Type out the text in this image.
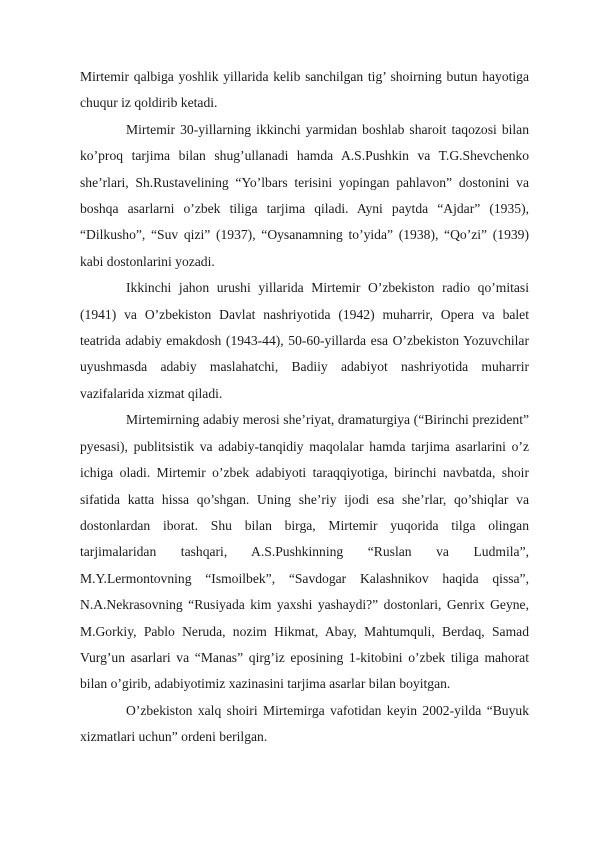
Mirtemir qalbiga yoshlik yillarida kelib sanchilgan tig’ shoirning butun hayotiga chuqur iz qoldirib ketadi.

Mirtemir 30-yillarning ikkinchi yarmidan boshlab sharoit taqozosi bilan ko’proq tarjima bilan shug’ullanadi hamda A.S.Pushkin va T.G.Shevchenko she’rlari, Sh.Rustavelining “Yo’lbars terisini yopingan pahlavon” dostonini va boshqa asarlarni o’zbek tiliga tarjima qiladi. Ayni paytda “Ajdar” (1935), “Dilkusho”, “Suv qizi” (1937), “Oysanamning to’yida” (1938), “Qo’zi” (1939) kabi dostonlarini yozadi.

Ikkinchi jahon urushi yillarida Mirtemir O’zbekiston radio qo’mitasi (1941) va O’zbekiston Davlat nashriyotida (1942) muharrir, Opera va balet teatrida adabiy emakdosh (1943-44), 50-60-yillarda esa O’zbekiston Yozuvchilar uyushmasda adabiy maslahatchi, Badiiy adabiyot nashriyotida muharrir vazifalarida xizmat qiladi.

Mirtemirning adabiy merosi she’riyat, dramaturgiya (“Birinchi prezident” pyesasi), publitsistik va adabiy-tanqidiy maqolalar hamda tarjima asarlarini o’z ichiga oladi. Mirtemir o’zbek adabiyoti taraqqiyotiga, birinchi navbatda, shoir sifatida katta hissa qo’shgan. Uning she’riy ijodi esa she’rlar, qo’shiqlar va dostonlardan iborat. Shu bilan birga, Mirtemir yuqorida tilga olingan tarjimalaridan tashqari, A.S.Pushkinning “Ruslan va Ludmila”, M.Y.Lermontovning “Ismoilbek”, “Savdogar Kalashnikov haqida qissa”, N.A.Nekrasovning “Rusiyada kim yaxshi yashaydi?” dostonlari, Genrix Geyne, M.Gorkiy, Pablo Neruda, nozim Hikmat, Abay, Mahtumquli, Berdaq, Samad Vurg’un asarlari va “Manas” qirg’iz eposining 1-kitobini o’zbek tiliga mahorat bilan o’girib, adabiyotimiz xazinasini tarjima asarlar bilan boyitgan.

O’zbekiston xalq shoiri Mirtemirga vafotidan keyin 2002-yilda “Buyuk xizmatlari uchun” ordeni berilgan.
